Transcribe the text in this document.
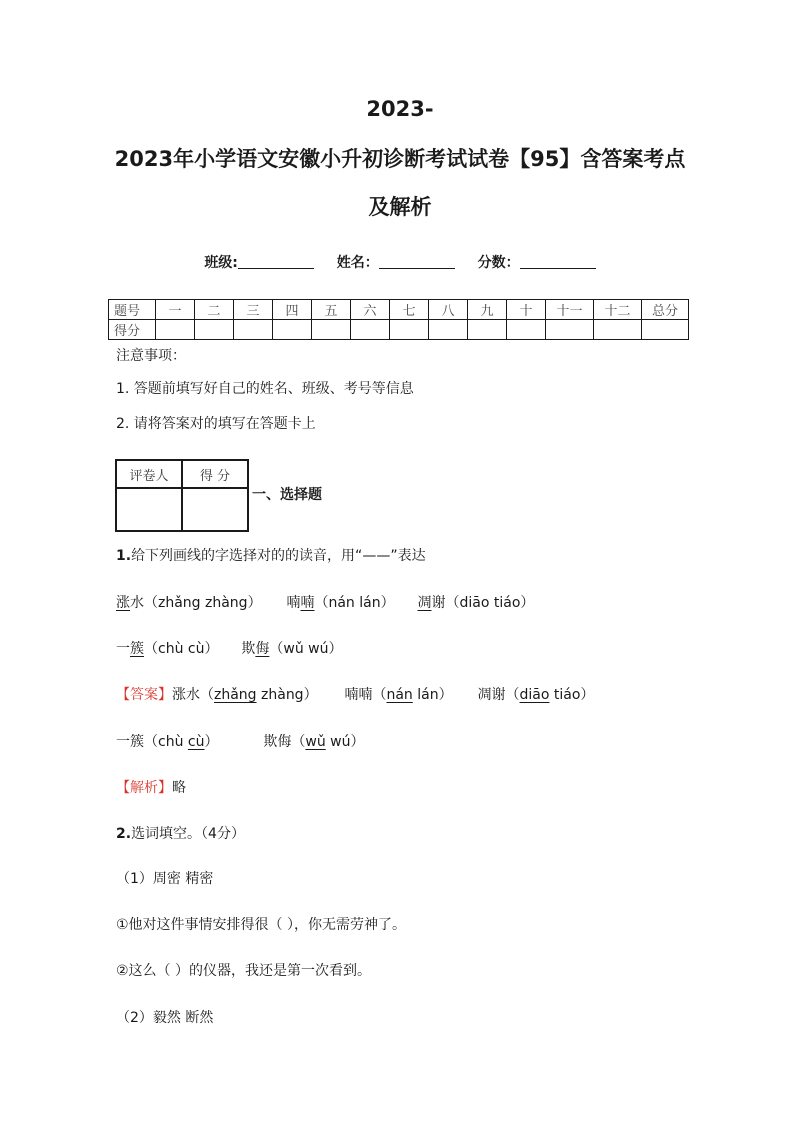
2023-
2023年小学语文安徽小升初诊断考试试卷【95】含答案考点
及解析
班级:	姓名：	分数：
题号	一	二	三	四	五	六	七	八	九	十	十一	十二	总分
得分													
注意事项：
1. 答题前填写好自己的姓名、班级、考号等信息
2. 请将答案对的填写在答题卡上
评卷人	得 分

一、选择题
1.给下列画线的字选择对的的读音，用“——”表达
涨水（zhǎng zhàng） 喃喃（nán lán） 凋谢（diāo tiáo）
一簇（chù cù） 欺侮（wǔ wú）
【答案】涨水（zhǎng zhàng） 喃喃（nán lán） 凋谢（diāo tiáo）
一簇（chù cù）	欺侮（wǔ wú）
【解析】略
2.选词填空。（4分）
（1）周密 精密
①他对这件事情安排得很（ ），你无需劳神了。
②这么（ ）的仪器，我还是第一次看到。
（2）毅然 断然
